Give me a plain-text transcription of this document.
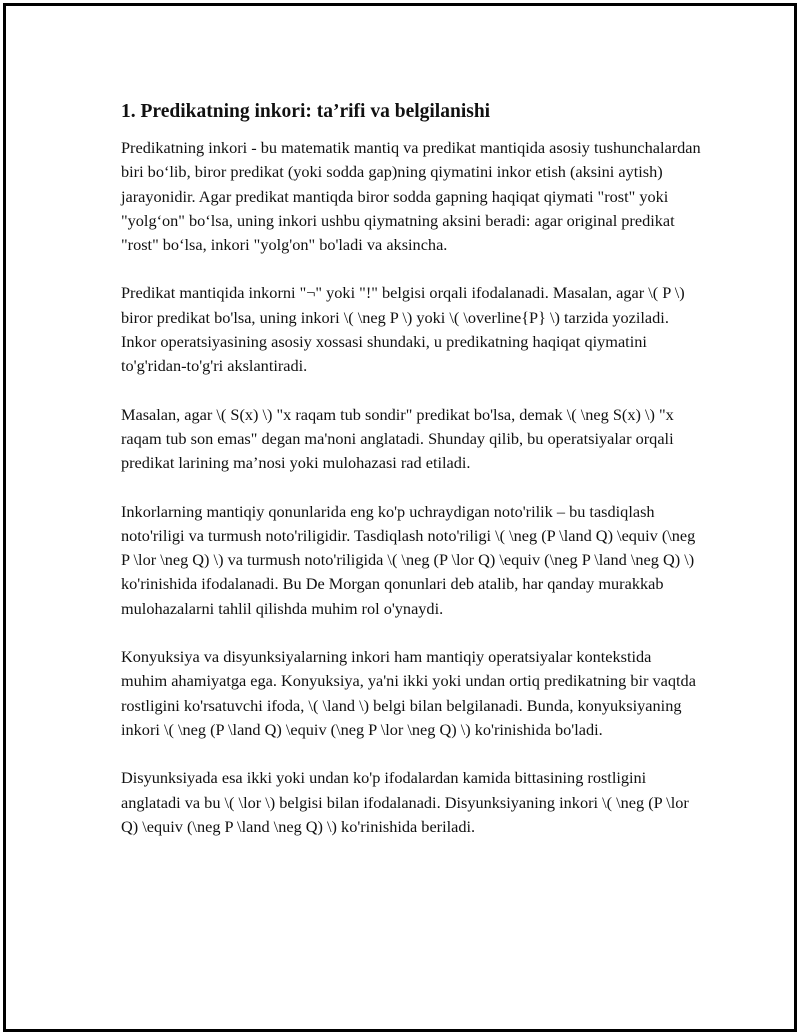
1. Predikatning inkori: ta’rifi va belgilanishi

Predikatning inkori - bu matematik mantiq va predikat mantiqida asosiy tushunchalardan biri bo‘lib, biror predikat (yoki sodda gap)ning qiymatini inkor etish (aksini aytish) jarayonidir. Agar predikat mantiqda biror sodda gapning haqiqat qiymati "rost" yoki "yolg‘on" bo‘lsa, uning inkori ushbu qiymatning aksini beradi: agar original predikat "rost" bo‘lsa, inkori "yolg'on" bo'ladi va aksincha.

Predikat mantiqida inkorni "¬" yoki "!" belgisi orqali ifodalanadi. Masalan, agar \( P \) biror predikat bo'lsa, uning inkori \( \neg P \) yoki \( \overline{P} \) tarzida yoziladi. Inkor operatsiyasining asosiy xossasi shundaki, u predikatning haqiqat qiymatini to'g'ridan-to'g'ri akslantiradi.

Masalan, agar \( S(x) \) "x raqam tub sondir" predikat bo'lsa, demak \( \neg S(x) \) "x raqam tub son emas" degan ma'noni anglatadi. Shunday qilib, bu operatsiyalar orqali predikat larining ma’nosi yoki mulohazasi rad etiladi.

Inkorlarning mantiqiy qonunlarida eng ko'p uchraydigan noto'rilik – bu tasdiqlash noto'riligi va turmush noto'riligidir. Tasdiqlash noto'riligi \( \neg (P \land Q) \equiv (\neg P \lor \neg Q) \) va turmush noto'riligida \( \neg (P \lor Q) \equiv (\neg P \land \neg Q) \) ko'rinishida ifodalanadi. Bu De Morgan qonunlari deb atalib, har qanday murakkab mulohazalarni tahlil qilishda muhim rol o'ynaydi.

Konyuksiya va disyunksiyalarning inkori ham mantiqiy operatsiyalar kontekstida muhim ahamiyatga ega. Konyuksiya, ya'ni ikki yoki undan ortiq predikatning bir vaqtda rostligini ko'rsatuvchi ifoda, \( \land \) belgi bilan belgilanadi. Bunda, konyuksiyaning inkori \( \neg (P \land Q) \equiv (\neg P \lor \neg Q) \) ko'rinishida bo'ladi.

Disyunksiyada esa ikki yoki undan ko'p ifodalardan kamida bittasining rostligini anglatadi va bu \( \lor \) belgisi bilan ifodalanadi. Disyunksiyaning inkori \( \neg (P \lor Q) \equiv (\neg P \land \neg Q) \) ko'rinishida beriladi.
